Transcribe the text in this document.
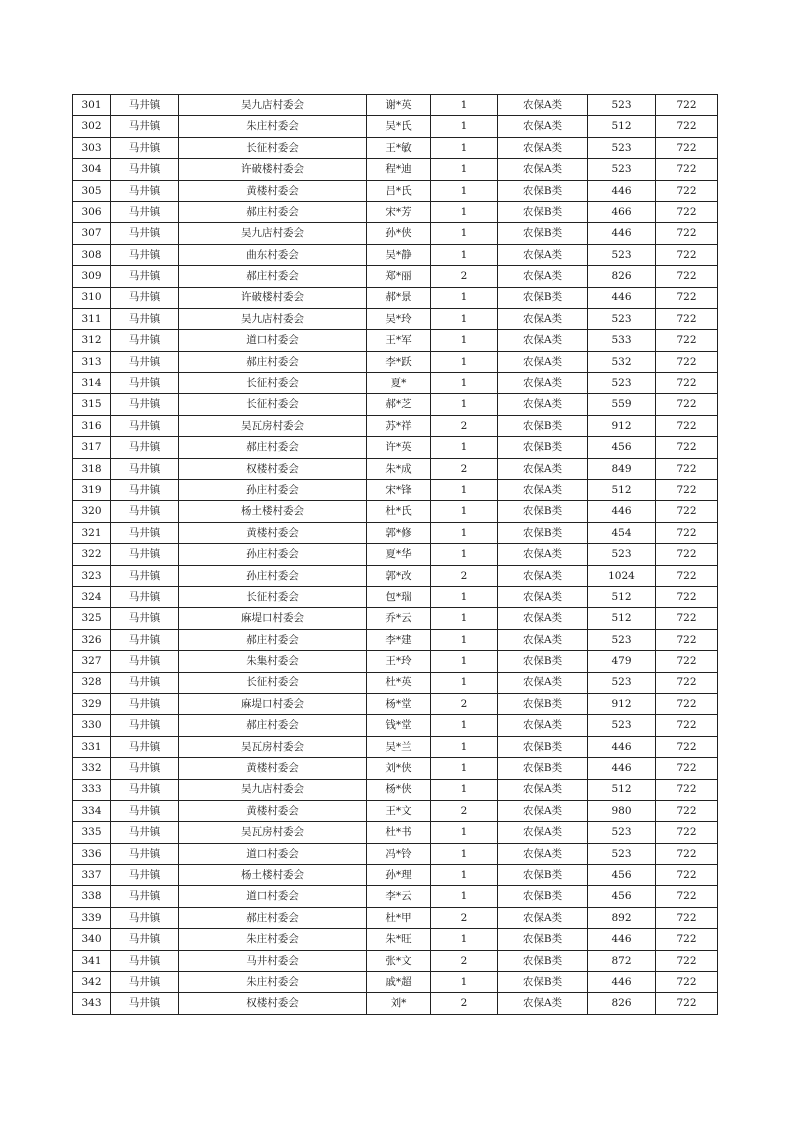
301	马井镇	吴九店村委会	谢*英	1	农保A类	523	722
302	马井镇	朱庄村委会	吴*氏	1	农保A类	512	722
303	马井镇	长征村委会	王*敏	1	农保A类	523	722
304	马井镇	许破楼村委会	程*迪	1	农保A类	523	722
305	马井镇	黄楼村委会	吕*氏	1	农保B类	446	722
306	马井镇	郝庄村委会	宋*芳	1	农保B类	466	722
307	马井镇	吴九店村委会	孙*侠	1	农保B类	446	722
308	马井镇	曲东村委会	吴*静	1	农保A类	523	722
309	马井镇	郝庄村委会	郑*丽	2	农保A类	826	722
310	马井镇	许破楼村委会	郝*景	1	农保B类	446	722
311	马井镇	吴九店村委会	吴*玲	1	农保A类	523	722
312	马井镇	道口村委会	王*军	1	农保A类	533	722
313	马井镇	郝庄村委会	李*跃	1	农保A类	532	722
314	马井镇	长征村委会	夏*	1	农保A类	523	722
315	马井镇	长征村委会	郝*芝	1	农保A类	559	722
316	马井镇	吴瓦房村委会	苏*祥	2	农保B类	912	722
317	马井镇	郝庄村委会	许*英	1	农保B类	456	722
318	马井镇	权楼村委会	朱*成	2	农保A类	849	722
319	马井镇	孙庄村委会	宋*锋	1	农保A类	512	722
320	马井镇	杨土楼村委会	杜*氏	1	农保B类	446	722
321	马井镇	黄楼村委会	郭*修	1	农保B类	454	722
322	马井镇	孙庄村委会	夏*华	1	农保A类	523	722
323	马井镇	孙庄村委会	郭*改	2	农保A类	1024	722
324	马井镇	长征村委会	包*瑞	1	农保A类	512	722
325	马井镇	麻堤口村委会	乔*云	1	农保A类	512	722
326	马井镇	郝庄村委会	李*建	1	农保A类	523	722
327	马井镇	朱集村委会	王*玲	1	农保B类	479	722
328	马井镇	长征村委会	杜*英	1	农保A类	523	722
329	马井镇	麻堤口村委会	杨*堂	2	农保B类	912	722
330	马井镇	郝庄村委会	钱*堂	1	农保A类	523	722
331	马井镇	吴瓦房村委会	吴*兰	1	农保B类	446	722
332	马井镇	黄楼村委会	刘*侠	1	农保B类	446	722
333	马井镇	吴九店村委会	杨*侠	1	农保A类	512	722
334	马井镇	黄楼村委会	王*文	2	农保A类	980	722
335	马井镇	吴瓦房村委会	杜*书	1	农保A类	523	722
336	马井镇	道口村委会	冯*铃	1	农保A类	523	722
337	马井镇	杨土楼村委会	孙*理	1	农保B类	456	722
338	马井镇	道口村委会	李*云	1	农保B类	456	722
339	马井镇	郝庄村委会	杜*甲	2	农保A类	892	722
340	马井镇	朱庄村委会	朱*旺	1	农保B类	446	722
341	马井镇	马井村委会	张*文	2	农保B类	872	722
342	马井镇	朱庄村委会	戚*超	1	农保B类	446	722
343	马井镇	权楼村委会	刘*	2	农保A类	826	722
